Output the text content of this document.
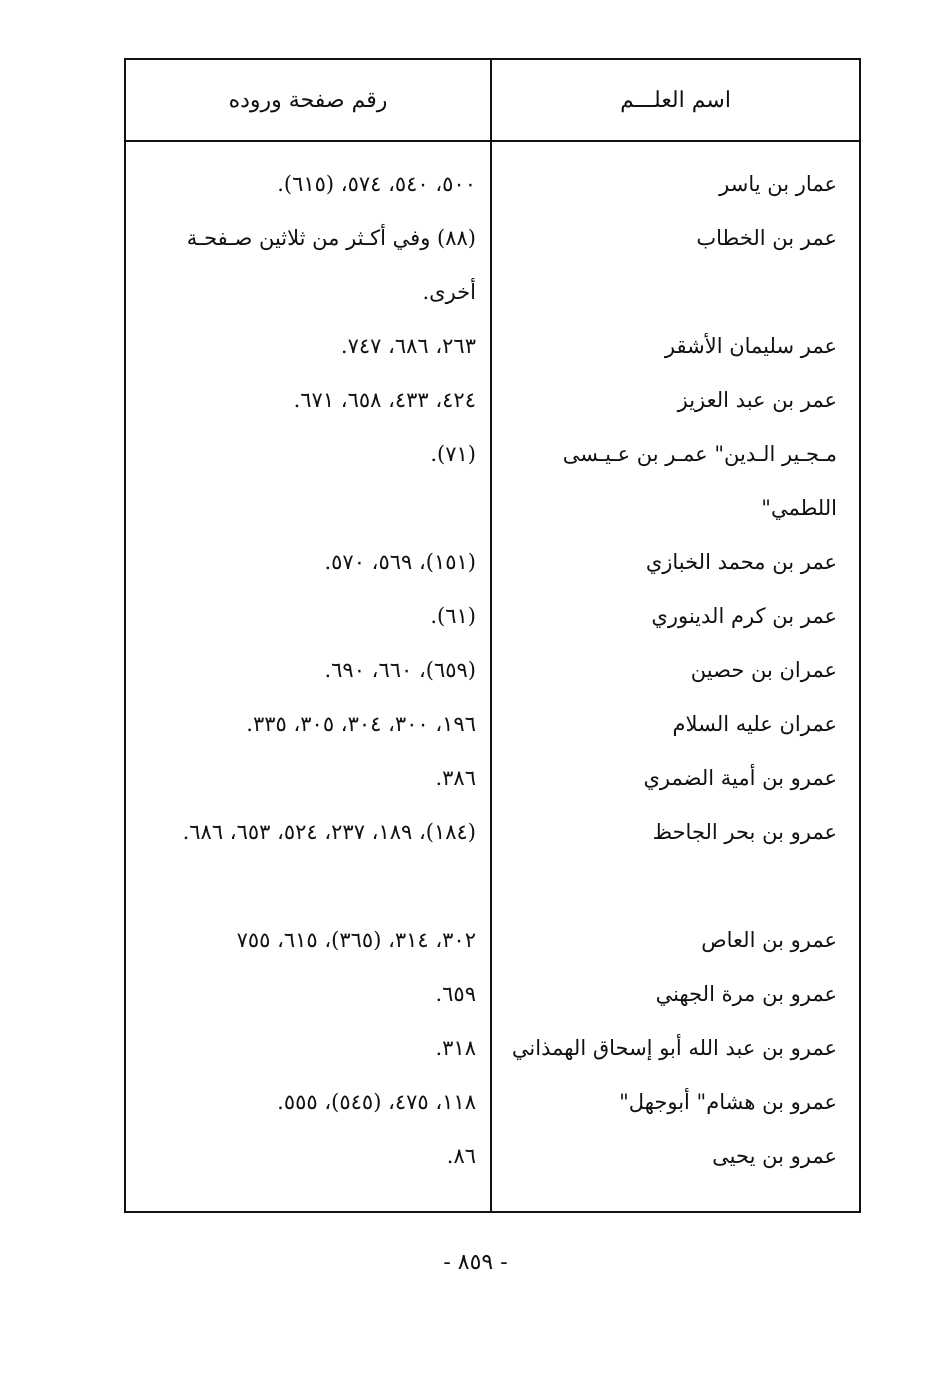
اسم العلـــم
رقم صفحة وروده
عمار بن ياسر
٥٠٠، ٥٤٠، ٥٧٤، (٦١٥).
عمر بن الخطاب
(٨٨) وفي أكـثر من ثلاثين صـفحـة أخرى.
عمر سليمان الأشقر
٢٦٣، ٦٨٦، ٧٤٧.
عمر بن عبد العزيز
٤٢٤، ٤٣٣، ٦٥٨، ٦٧١.
مـجـير الـدين" عمـر بن عـيـسى اللطمي"
(٧١).
عمر بن محمد الخبازي
(١٥١)، ٥٦٩، ٥٧٠.
عمر بن كرم الدينوري
(٦١).
عمران بن حصين
(٦٥٩)، ٦٦٠، ٦٩٠.
عمران عليه السلام
١٩٦، ٣٠٠، ٣٠٤، ٣٠٥، ٣٣٥.
عمرو بن أمية الضمري
٣٨٦.
عمرو بن بحر الجاحظ
(١٨٤)، ١٨٩، ٢٣٧، ٥٢٤، ٦٥٣، ٦٨٦.
عمرو بن العاص
٣٠٢، ٣١٤، (٣٦٥)، ٦١٥، ٧٥٥
عمرو بن مرة الجهني
٦٥٩.
عمرو بن عبد الله أبو إسحاق الهمذاني
٣١٨.
عمرو بن هشام" أبوجهل"
١١٨، ٤٧٥، (٥٤٥)، ٥٥٥.
عمرو بن يحيى
٨٦.
- ٨٥٩ -
